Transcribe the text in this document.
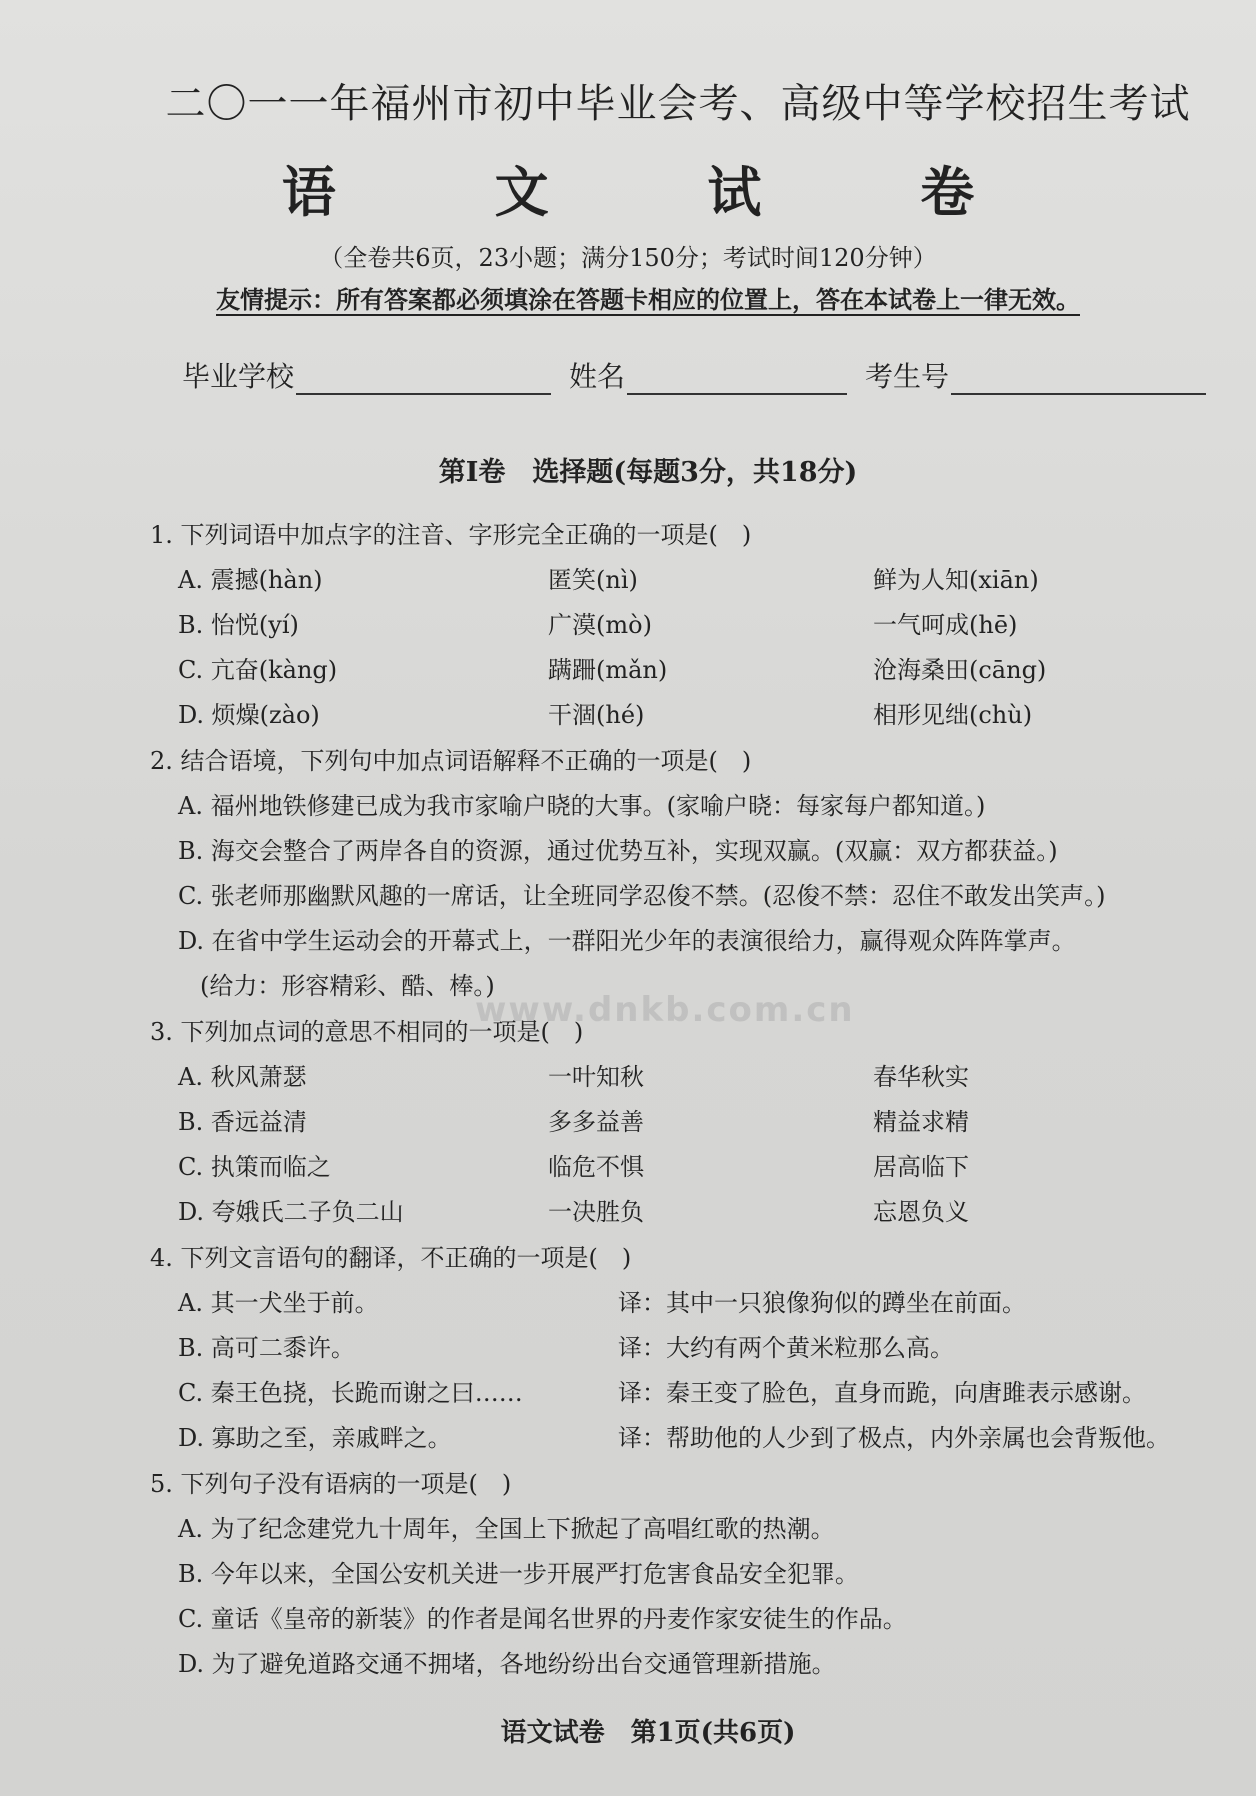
二〇一一年福州市初中毕业会考、高级中等学校招生考试
语 文 试 卷
（全卷共6页，23小题；满分150分；考试时间120分钟）
友情提示：所有答案都必须填涂在答题卡相应的位置上，答在本试卷上一律无效。
毕业学校	姓名	考生号
第Ⅰ卷　选择题(每题3分，共18分)
1. 下列词语中加点字的注音、字形完全正确的一项是(　)
A. 震撼(hàn)	匿笑(nì)	鲜为人知(xiān)
B. 怡悦(yí)	广漠(mò)	一气呵成(hē)
C. 亢奋(kàng)	蹒跚(mǎn)	沧海桑田(cāng)
D. 烦燥(zào)	干涸(hé)	相形见绌(chù)
2. 结合语境，下列句中加点词语解释不正确的一项是(　)
A. 福州地铁修建已成为我市家喻户晓的大事。(家喻户晓：每家每户都知道。)
B. 海交会整合了两岸各自的资源，通过优势互补，实现双赢。(双赢：双方都获益。)
C. 张老师那幽默风趣的一席话，让全班同学忍俊不禁。(忍俊不禁：忍住不敢发出笑声。)
D. 在省中学生运动会的开幕式上，一群阳光少年的表演很给力，赢得观众阵阵掌声。
(给力：形容精彩、酷、棒。)
3. 下列加点词的意思不相同的一项是(　)
A. 秋风萧瑟	一叶知秋	春华秋实
B. 香远益清	多多益善	精益求精
C. 执策而临之	临危不惧	居高临下
D. 夸娥氏二子负二山	一决胜负	忘恩负义
4. 下列文言语句的翻译，不正确的一项是(　)
A. 其一犬坐于前。	译：其中一只狼像狗似的蹲坐在前面。
B. 高可二黍许。	译：大约有两个黄米粒那么高。
C. 秦王色挠，长跪而谢之曰……	译：秦王变了脸色，直身而跪，向唐雎表示感谢。
D. 寡助之至，亲戚畔之。	译：帮助他的人少到了极点，内外亲属也会背叛他。
5. 下列句子没有语病的一项是(　)
A. 为了纪念建党九十周年，全国上下掀起了高唱红歌的热潮。
B. 今年以来，全国公安机关进一步开展严打危害食品安全犯罪。
C. 童话《皇帝的新装》的作者是闻名世界的丹麦作家安徒生的作品。
D. 为了避免道路交通不拥堵，各地纷纷出台交通管理新措施。
www.dnkb.com.cn
语文试卷　第1页(共6页)
